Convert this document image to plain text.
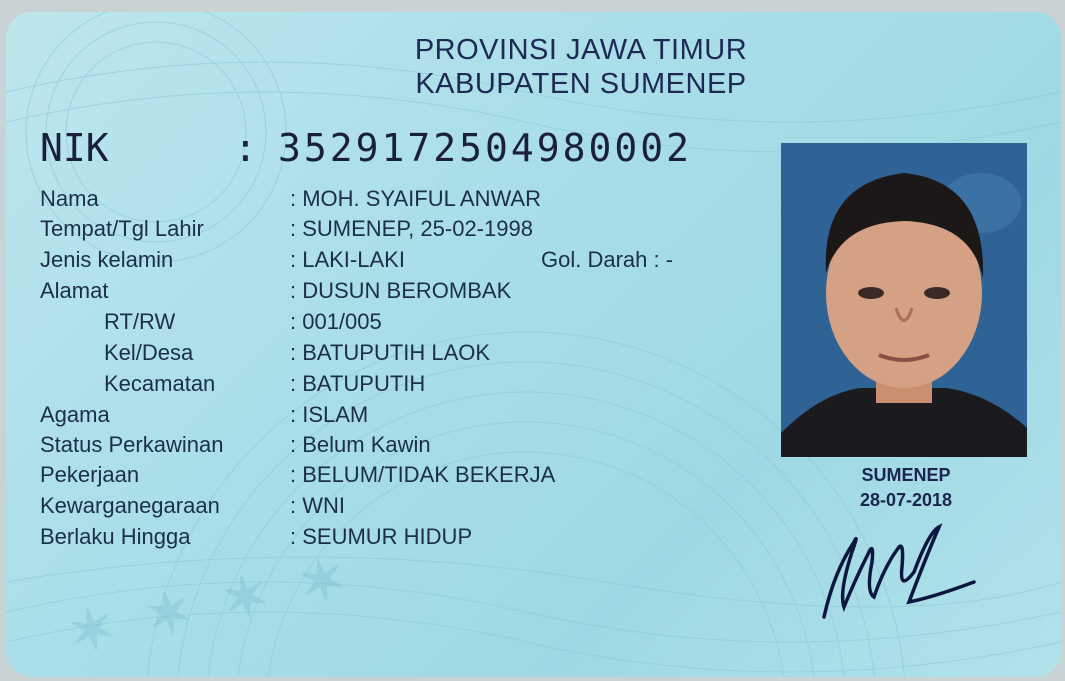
✶ ✶ ✶ ✶
PROVINSI JAWA TIMUR
KABUPATEN SUMENEP
NIK	: 3529172504980002
Nama	: MOH. SYAIFUL ANWAR
Tempat/Tgl Lahir	: SUMENEP, 25-02-1998
Jenis kelamin	: LAKI-LAKI	Gol. Darah : -
Alamat	: DUSUN BEROMBAK
RT/RW	: 001/005
Kel/Desa	: BATUPUTIH LAOK
Kecamatan	: BATUPUTIH
Agama	: ISLAM
Status Perkawinan	: Belum Kawin
Pekerjaan	: BELUM/TIDAK BEKERJA
Kewarganegaraan	: WNI
Berlaku Hingga	: SEUMUR HIDUP
SUMENEP
28-07-2018
